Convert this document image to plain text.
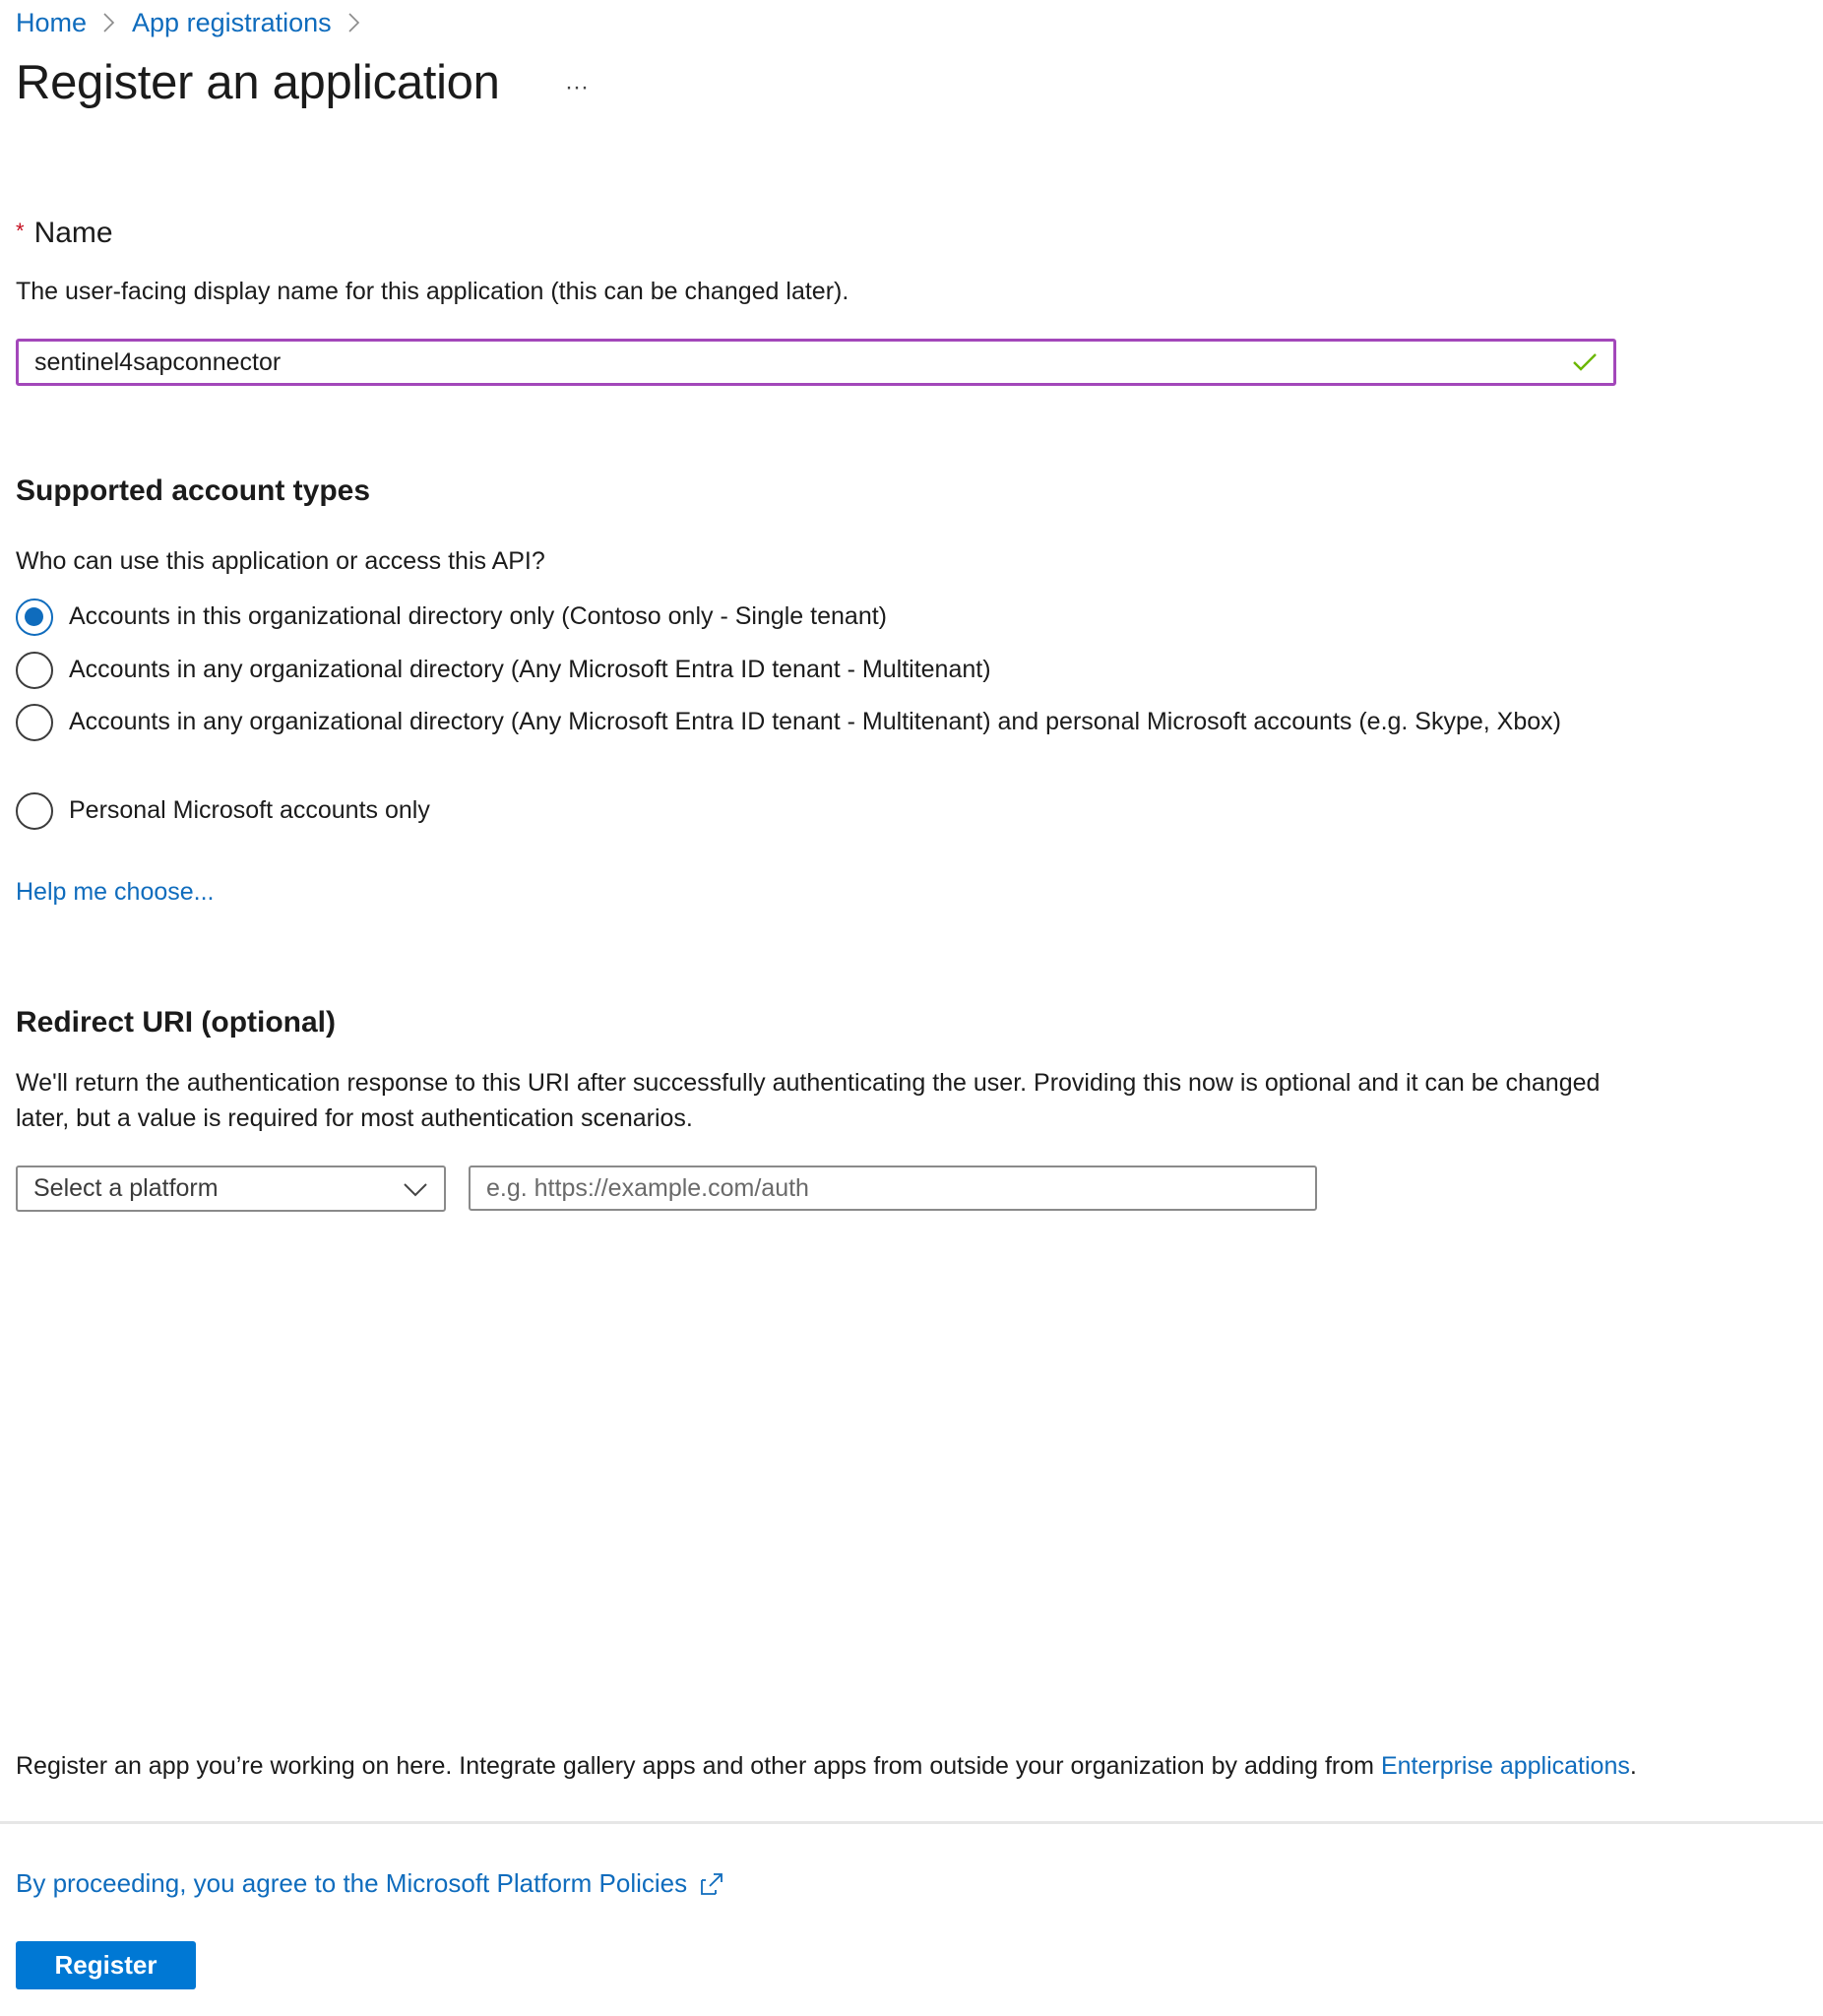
Home App registrations
Register an application	···
* Name
The user-facing display name for this application (this can be changed later).
sentinel4sapconnector
Supported account types
Who can use this application or access this API?
Accounts in this organizational directory only (Contoso only - Single tenant)
Accounts in any organizational directory (Any Microsoft Entra ID tenant - Multitenant)
Accounts in any organizational directory (Any Microsoft Entra ID tenant - Multitenant) and personal Microsoft accounts (e.g. Skype, Xbox)
Personal Microsoft accounts only
Help me choose...
Redirect URI (optional)
We'll return the authentication response to this URI after successfully authenticating the user. Providing this now is optional and it can be changed later, but a value is required for most authentication scenarios.
Select a platform
e.g. https://example.com/auth
Register an app you’re working on here. Integrate gallery apps and other apps from outside your organization by adding from Enterprise applications.
By proceeding, you agree to the Microsoft Platform Policies
Register
